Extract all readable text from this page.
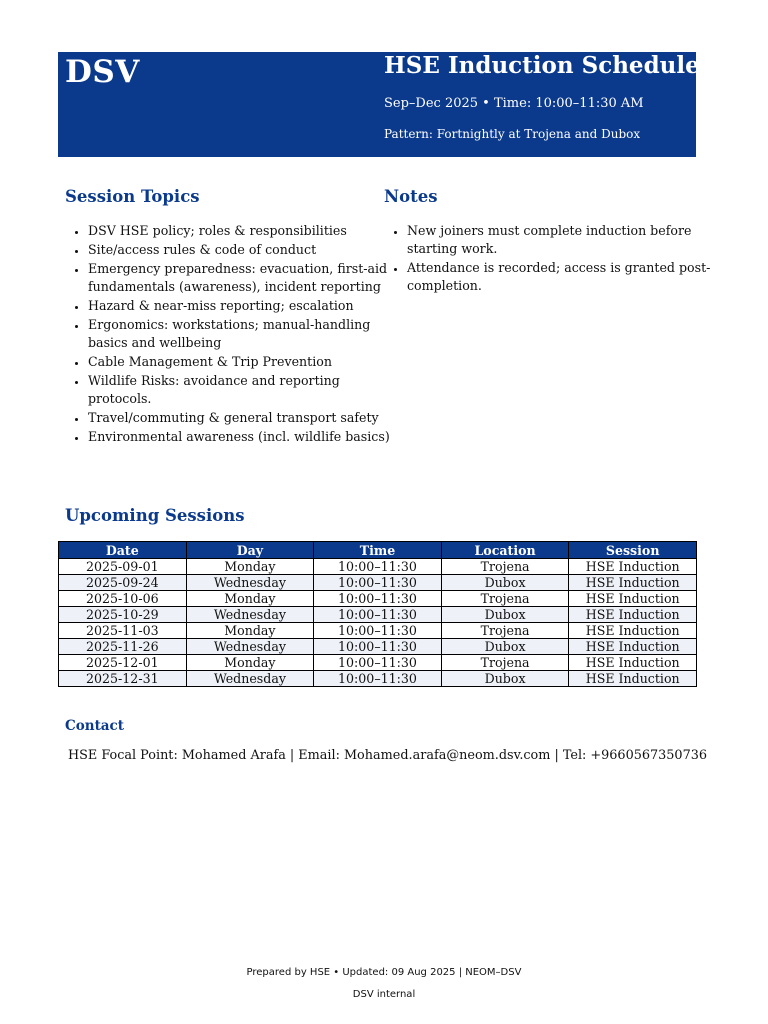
DSV	HSE Induction Schedule
Sep–Dec 2025 • Time: 10:00–11:30 AM
Pattern: Fortnightly at Trojena and Dubox
Session Topics
• DSV HSE policy; roles & responsibilities
• Site/access rules & code of conduct
• Emergency preparedness: evacuation, first-aid fundamentals (awareness), incident reporting
• Hazard & near-miss reporting; escalation
• Ergonomics: workstations; manual-handling basics and wellbeing
• Cable Management & Trip Prevention
• Wildlife Risks: avoidance and reporting protocols.
• Travel/commuting & general transport safety
• Environmental awareness (incl. wildlife basics)
Notes
• New joiners must complete induction before starting work.
• Attendance is recorded; access is granted post-completion.
Upcoming Sessions
Date	Day	Time	Location	Session
2025-09-01	Monday	10:00–11:30	Trojena	HSE Induction
2025-09-24	Wednesday	10:00–11:30	Dubox	HSE Induction
2025-10-06	Monday	10:00–11:30	Trojena	HSE Induction
2025-10-29	Wednesday	10:00–11:30	Dubox	HSE Induction
2025-11-03	Monday	10:00–11:30	Trojena	HSE Induction
2025-11-26	Wednesday	10:00–11:30	Dubox	HSE Induction
2025-12-01	Monday	10:00–11:30	Trojena	HSE Induction
2025-12-31	Wednesday	10:00–11:30	Dubox	HSE Induction
Contact
HSE Focal Point: Mohamed Arafa | Email: Mohamed.arafa@neom.dsv.com | Tel: +9660567350736
Prepared by HSE • Updated: 09 Aug 2025 | NEOM–DSV
DSV internal
